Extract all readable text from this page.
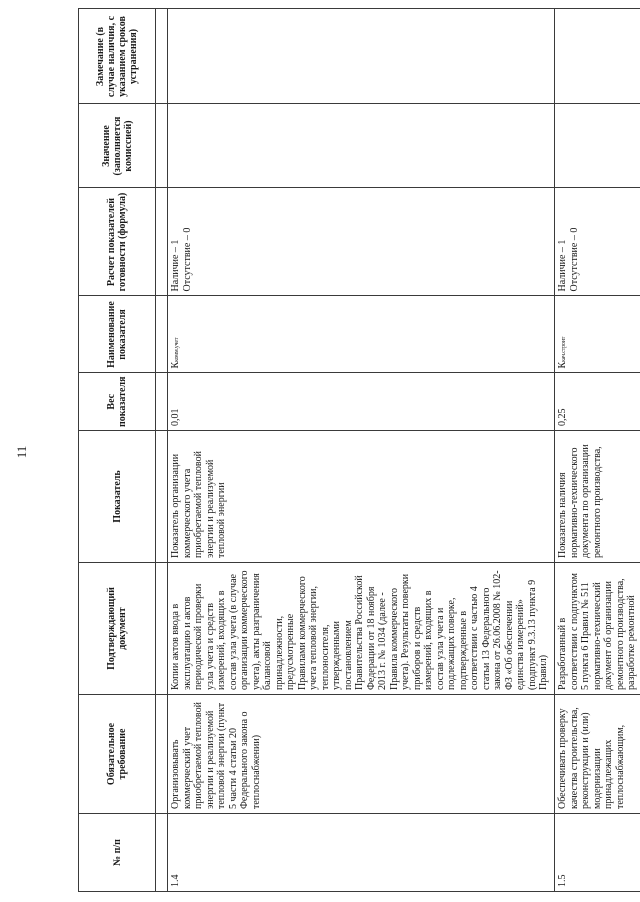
11
№ п/п	Обязательное требование	Подтверждающий документ	Показатель	Вес показателя	Наименование показателя	Расчет показателей готовности (формула)	Значение (заполняется комиссией)	Замечание (в случае наличия, с указанием сроков устранения)

1.4	Организовывать коммерческий учет приобретаемой тепловой энергии и реализуемой тепловой энергии (пункт 5 части 4 статьи 20 Федерального закона о теплоснабжении)	Копии актов ввода в эксплуатацию и актов периодической проверки узла учета и средств измерений, входящих в состав узла учета (в случае организации коммерческого учета), акты разграничения балансовой принадлежности, предусмотренные Правилами коммерческого учета тепловой энергии, теплоносителя, утвержденными постановлением Правительства Российской Федерации от 18 ноября 2013 г. № 1034 (далее - Правила коммерческого учета). Результаты поверки приборов и средств измерений, входящих в состав узла учета и подлежащих поверке, подтвержденные в соответствии с частью 4 статьи 13 Федерального закона от 26.06.2008 № 102-ФЗ «Об обеспечении единства измерений» (подпункт 9.3.13 пункта 9 Правил)	Показатель организации коммерческого учета приобретаемой тепловой энергии и реализуемой тепловой энергии	0,01	Ккомм.учет	Наличие – 1 Отсутствие – 0		

1.5	Обеспечивать проверку качества строительства, реконструкции и (или) модернизации принадлежащих теплоснабжающим,	Разработанный в соответствии с подпунктом 5 пункта 6 Правил № 511 нормативно-технический документ об организации ремонтного производства, разработке ремонтной	Показатель наличия нормативно-технического документа по организации ремонтного производства,	0,25	Ккач.строит	Наличие – 1 Отсутствие – 0		
